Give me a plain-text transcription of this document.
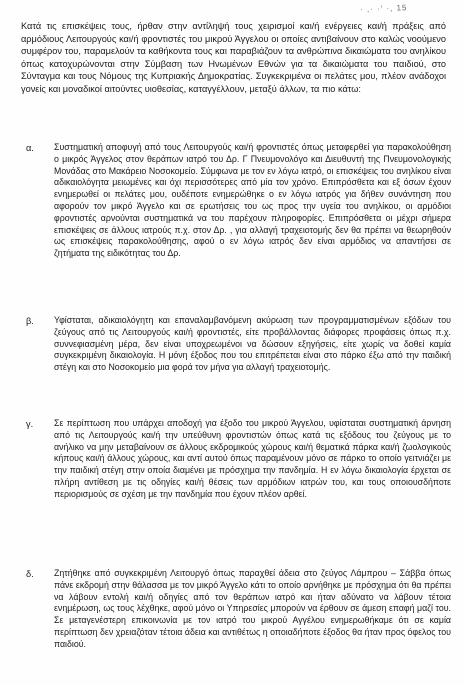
· ,· ·′ ·, 15

Κατά τις επισκέψεις τους, ήρθαν στην αντίληψή τους χειρισμοί και/ή ενέργειες και/ή πράξεις από αρμόδιους Λειτουργούς και/ή φροντιστές του μικρού Άγγελου οι οποίες αντιβαίνουν στο καλώς νοούμενο συμφέρον του, παραμελούν τα καθήκοντα τους και παραβιάζουν τα ανθρώπινα δικαιώματα του ανηλίκου όπως κατοχυρώνονται στην Σύμβαση των Ηνωμένων Εθνών για τα δικαιώματα του παιδιού, στο Σύνταγμα και τους Νόμους της Κυπριακής Δημοκρατίας. Συγκεκριμένα οι πελάτες μου, πλέον ανάδοχοι γονείς και μοναδικοί αιτούντες υιοθεσίας, καταγγέλλουν, μεταξύ άλλων, τα πιο κάτω:

α. Συστηματική αποφυγή από τους Λειτουργούς και/ή φροντιστές όπως μεταφερθεί για παρακολούθηση ο μικρός Άγγελος στον θεράπων ιατρό του Δρ. Γ Πνευμονολόγο και Διευθυντή της Πνευμονολογικής Μονάδας στο Μακάρειο Νοσοκομείο. Σύμφωνα με τον εν λόγω ιατρό, οι επισκέψεις του ανηλίκου είναι αδικαιολόγητα μειωμένες και όχι περισσότερες από μία τον χρόνο. Επιπρόσθετα και εξ όσων έχουν ενημερωθεί οι πελάτες μου, ουδέποτε ενημερώθηκε ο εν λόγω ιατρός για δήθεν συνάντηση που αφορούν τον μικρό Άγγελο και σε ερωτήσεις του ως προς την υγεία του ανηλίκου, οι αρμόδιοι φροντιστές αρνούνται συστηματικά να του παρέχουν πληροφορίες. Επιπρόσθετα οι μέχρι σήμερα επισκέψεις σε άλλους ιατρούς π.χ. στον Δρ. , για αλλαγή τραχειοτομής δεν θα πρέπει να θεωρηθούν ως επισκέψεις παρακολούθησης, αφού ο εν λόγω ιατρός δεν είναι αρμόδιος να απαντήσει σε ζητήματα της ειδικότητας του Δρ.

β. Υφίσταται, αδικαιολόγητη και επαναλαμβανόμενη ακύρωση των προγραμματισμένων εξόδων του ζεύγους από τις Λειτουργούς και/ή φροντιστές, είτε προβάλλοντας διάφορες προφάσεις όπως π.χ. συννεφιασμένη μέρα, δεν είναι υποχρεωμένοι να δώσουν εξηγήσεις, είτε χωρίς να δοθεί καμία συγκεκριμένη δικαιολογία. Η μόνη έξοδος που του επιτρέπεται είναι στο πάρκο έξω από την παιδική στέγη και στο Νοσοκομείο μια φορά τον μήνα για αλλαγή τραχειοτομής.

γ. Σε περίπτωση που υπάρχει αποδοχή για έξοδο του μικρού Άγγελου, υφίσταται συστηματική άρνηση από τις Λειτουργούς και/ή την υπεύθυνη φροντιστών όπως κατά τις εξόδους του ζεύγους με το ανήλικο να μην μεταβαίνουν σε άλλους εκδρομικούς χώρους και/ή θεματικά πάρκα και/ή ζωολογικούς κήπους και/ή άλλους χώρους, και αντί αυτού όπως παραμένουν μόνο σε πάρκο το οποίο γειτνιάζει με την παιδική στέγη στην οποία διαμένει με πρόσχημα την πανδημία. Η εν λόγω δικαιολογία έρχεται σε πλήρη αντίθεση με τις οδηγίες και/ή θέσεις των αρμόδιων ιατρών του, και τους οποιουσδήποτε περιορισμούς σε σχέση με την πανδημία που έχουν πλέον αρθεί.

δ. Ζητήθηκε από συγκεκριμένη Λειτουργό όπως παραχθεί άδεια στο ζεύγος Λάμπρου – Σάββα όπως πάνε εκδρομή στην θάλασσα με τον μικρό Άγγελο κάτι το οποίο αρνήθηκε με πρόσχημα ότι θα πρέπει να λάβουν εντολή και/ή οδηγίες από τον θεράπων ιατρό και ήταν αδύνατο να λάβουν τέτοια ενημέρωση, ως τους λέχθηκε, αφού μόνο οι Υπηρεσίες μπορούν να έρθουν σε άμεση επαφή μαζί του. Σε μεταγενέστερη επικοινωνία με τον ιατρό του μικρού Αγγέλου ενημερωθήκαμε ότι σε καμία περίπτωση δεν χρειαζόταν τέτοια άδεια και αντιθέτως η οποιαδήποτε έξοδος θα ήταν προς όφελος του παιδιού.
